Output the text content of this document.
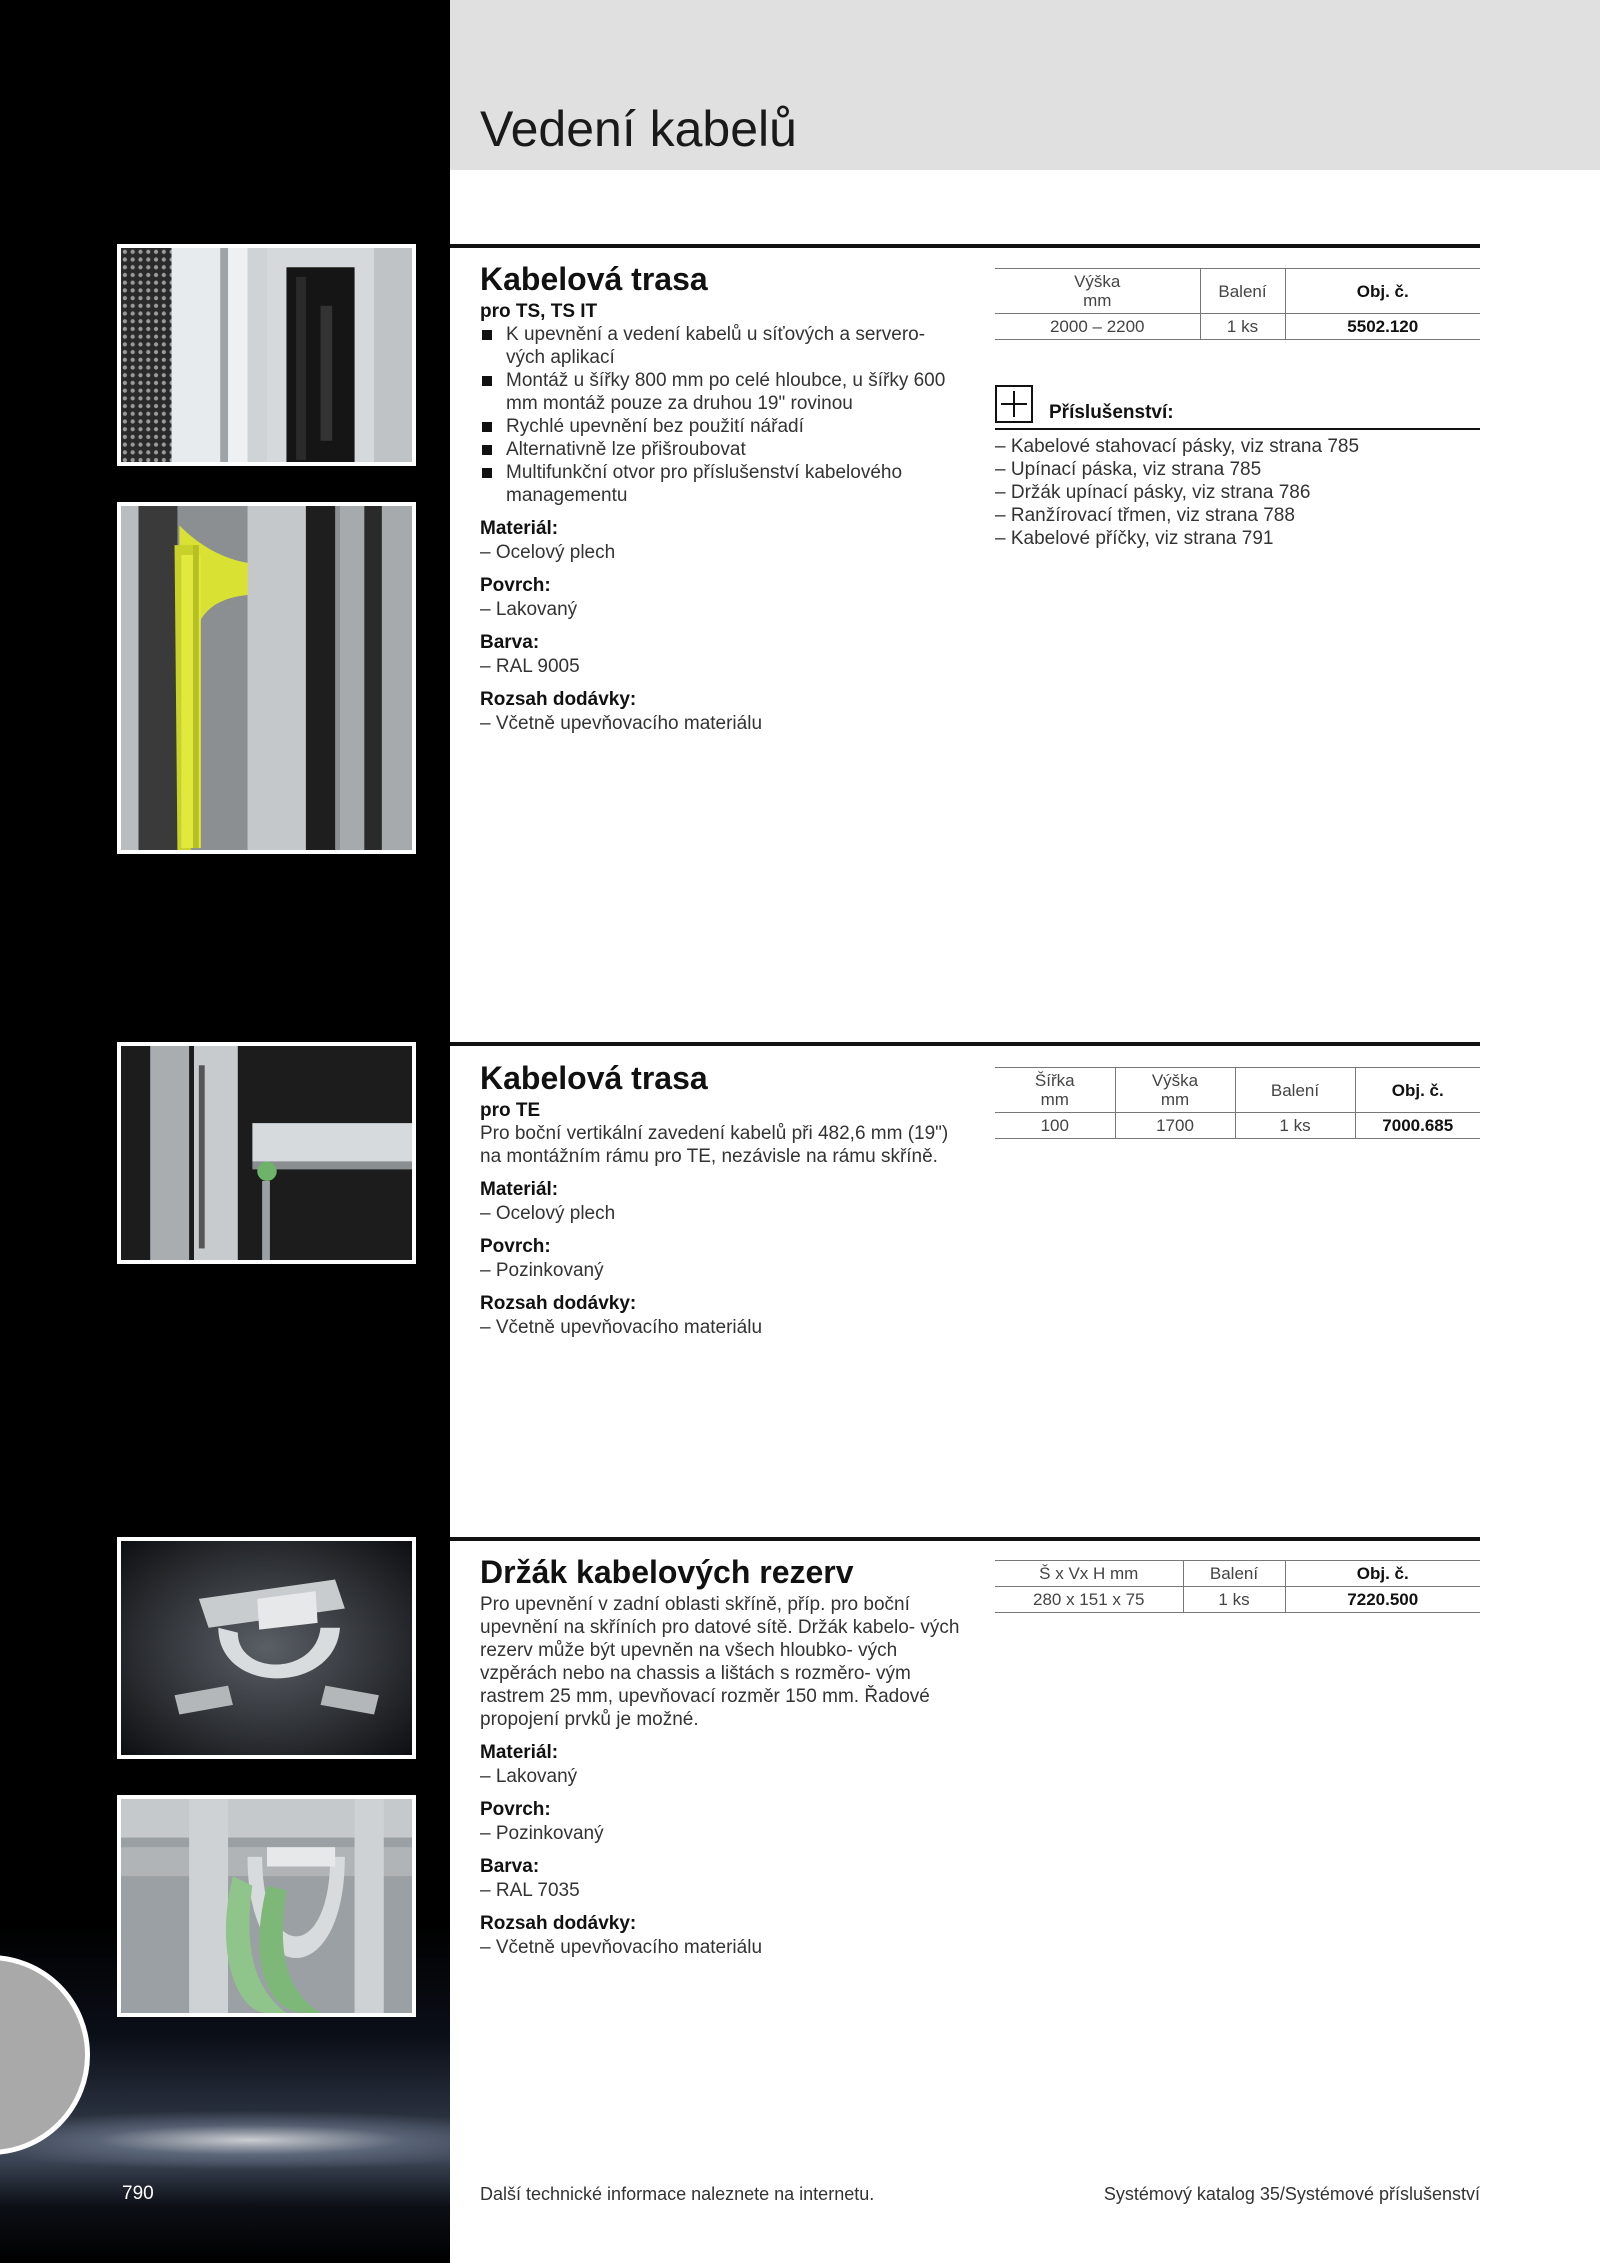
790
Vedení kabelů
Kabelová trasa
pro TS, TS IT
K upevnění a vedení kabelů u síťových a servero- vých aplikací
Montáž u šířky 800 mm po celé hloubce, u šířky 600 mm montáž pouze za druhou 19" rovinou
Rychlé upevnění bez použití nářadí
Alternativně lze přišroubovat
Multifunkční otvor pro příslušenství kabelového managementu
Materiál:
– Ocelový plech
Povrch:
– Lakovaný
Barva:
– RAL 9005
Rozsah dodávky:
– Včetně upevňovacího materiálu
Výška
mm	Balení	Obj. č.
2000 – 2200	1 ks	5502.120
Příslušenství:
– Kabelové stahovací pásky, viz strana 785
– Upínací páska, viz strana 785
– Držák upínací pásky, viz strana 786
– Ranžírovací třmen, viz strana 788
– Kabelové příčky, viz strana 791
Kabelová trasa
pro TE
Pro boční vertikální zavedení kabelů při 482,6 mm (19") na montážním rámu pro TE, nezávisle na rámu skříně.
Materiál:
– Ocelový plech
Povrch:
– Pozinkovaný
Rozsah dodávky:
– Včetně upevňovacího materiálu
Šířka
mm	Výška
mm	Balení	Obj. č.
100	1700	1 ks	7000.685
Držák kabelových rezerv
Pro upevnění v zadní oblasti skříně, příp. pro boční upevnění na skříních pro datové sítě. Držák kabelo- vých rezerv může být upevněn na všech hloubko- vých vzpěrách nebo na chassis a lištách s rozměro- vým rastrem 25 mm, upevňovací rozměr 150 mm. Řadové propojení prvků je možné.
Materiál:
– Lakovaný
Povrch:
– Pozinkovaný
Barva:
– RAL 7035
Rozsah dodávky:
– Včetně upevňovacího materiálu
Š x Vx H mm	Balení	Obj. č.
280 x 151 x 75	1 ks	7220.500
Další technické informace naleznete na internetu.	Systémový katalog 35/Systémové příslušenství
